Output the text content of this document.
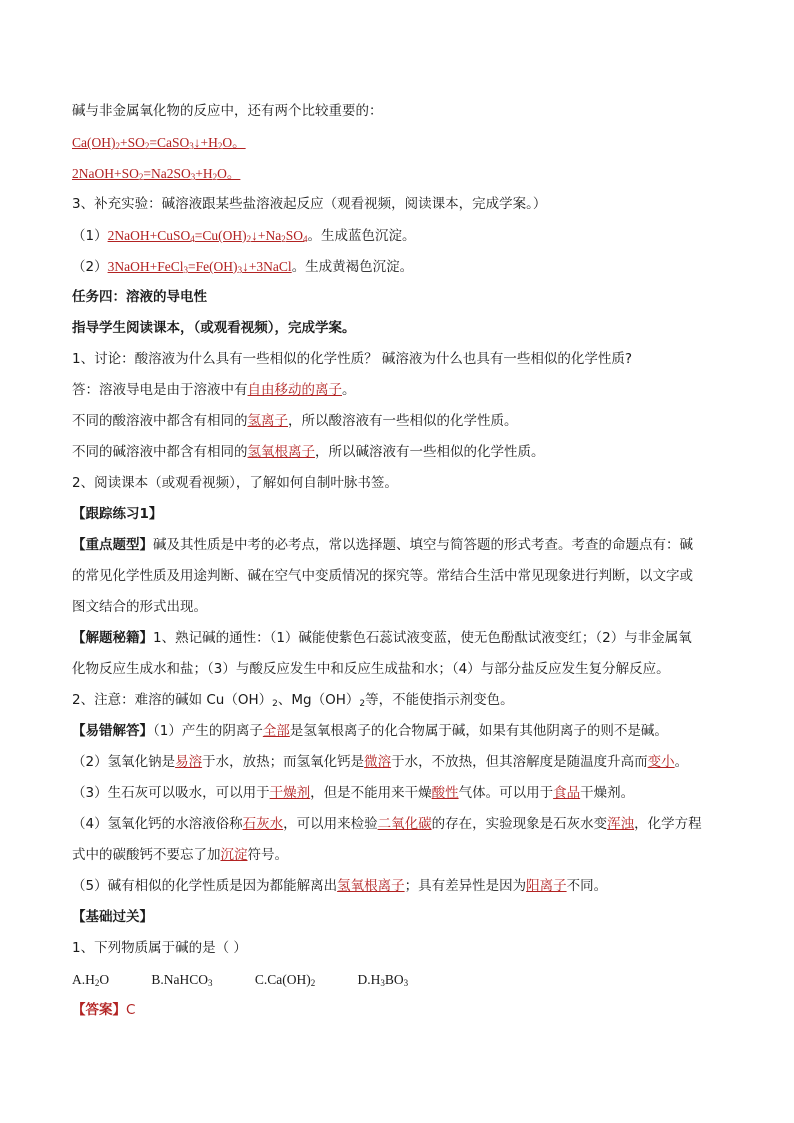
碱与非金属氧化物的反应中，还有两个比较重要的：
$Ca(OH)_2+SO_2=CaSO_3↓+H_2O$。
$2NaOH+SO_2=Na2SO_3+H_2O$。
3、补充实验：碱溶液跟某些盐溶液起反应（观看视频，阅读课本，完成学案。）
$(1)2NaOH+CuSO_4=Cu(OH)_2↓+Na_2SO_4$。生成蓝色沉淀。
$(2)3NaOH+FeCl_3=Fe(OH)_3↓+3NaCl$。生成黄褐色沉淀。
任务四：溶液的导电性
指导学生阅读课本，（或观看视频），完成学案。
1、讨论：酸溶液为什么具有一些相似的化学性质？ 碱溶液为什么也具有一些相似的化学性质?
答：溶液导电是由于溶液中有自由移动的离子。
不同的酸溶液中都含有相同的氢离子，所以酸溶液有一些相似的化学性质。
不同的碱溶液中都含有相同的氢氧根离子，所以碱溶液有一些相似的化学性质。
2、阅读课本（或观看视频），了解如何自制叶脉书签。
【跟踪练习1】
【重点题型】碱及其性质是中考的必考点，常以选择题、填空与简答题的形式考查。考查的命题点有：碱
的常见化学性质及用途判断、碱在空气中变质情况的探究等。常结合生活中常见现象进行判断，以文字或
图文结合的形式出现。
【解题秘籍】1、熟记碱的通性：（1）碱能使紫色石蕊试液变蓝，使无色酚酞试液变红；（2）与非金属氧
化物反应生成水和盐；（3）与酸反应发生中和反应生成盐和水；（4）与部分盐反应发生复分解反应。
2、注意：难溶的碱如 $Cu(OH)_2$、$Mg(OH)_2$等，不能使指示剂变色。
【易错解答】（1）产生的阴离子全部是氢氧根离子的化合物属于碱，如果有其他阴离子的则不是碱。
（2）氢氧化钠是易溶于水，放热；而氢氧化钙是微溶于水，不放热，但其溶解度是随温度升高而变小。
（3）生石灰可以吸水，可以用于干燥剂，但是不能用来干燥酸性气体。可以用于食品干燥剂。
（4）氢氧化钙的水溶液俗称石灰水，可以用来检验二氧化碳的存在，实验现象是石灰水变浑浊，化学方程
式中的碳酸钙不要忘了加沉淀符号。
（5）碱有相似的化学性质是因为都能解离出氢氧根离子；具有差异性是因为阳离子不同。
【基础过关】
1、下列物质属于碱的是（ ）
$A.H_2O$	B.NaHCO$_3$	$C.Ca(OH)_2$	$D.H_3BO_3$
【答案】C
